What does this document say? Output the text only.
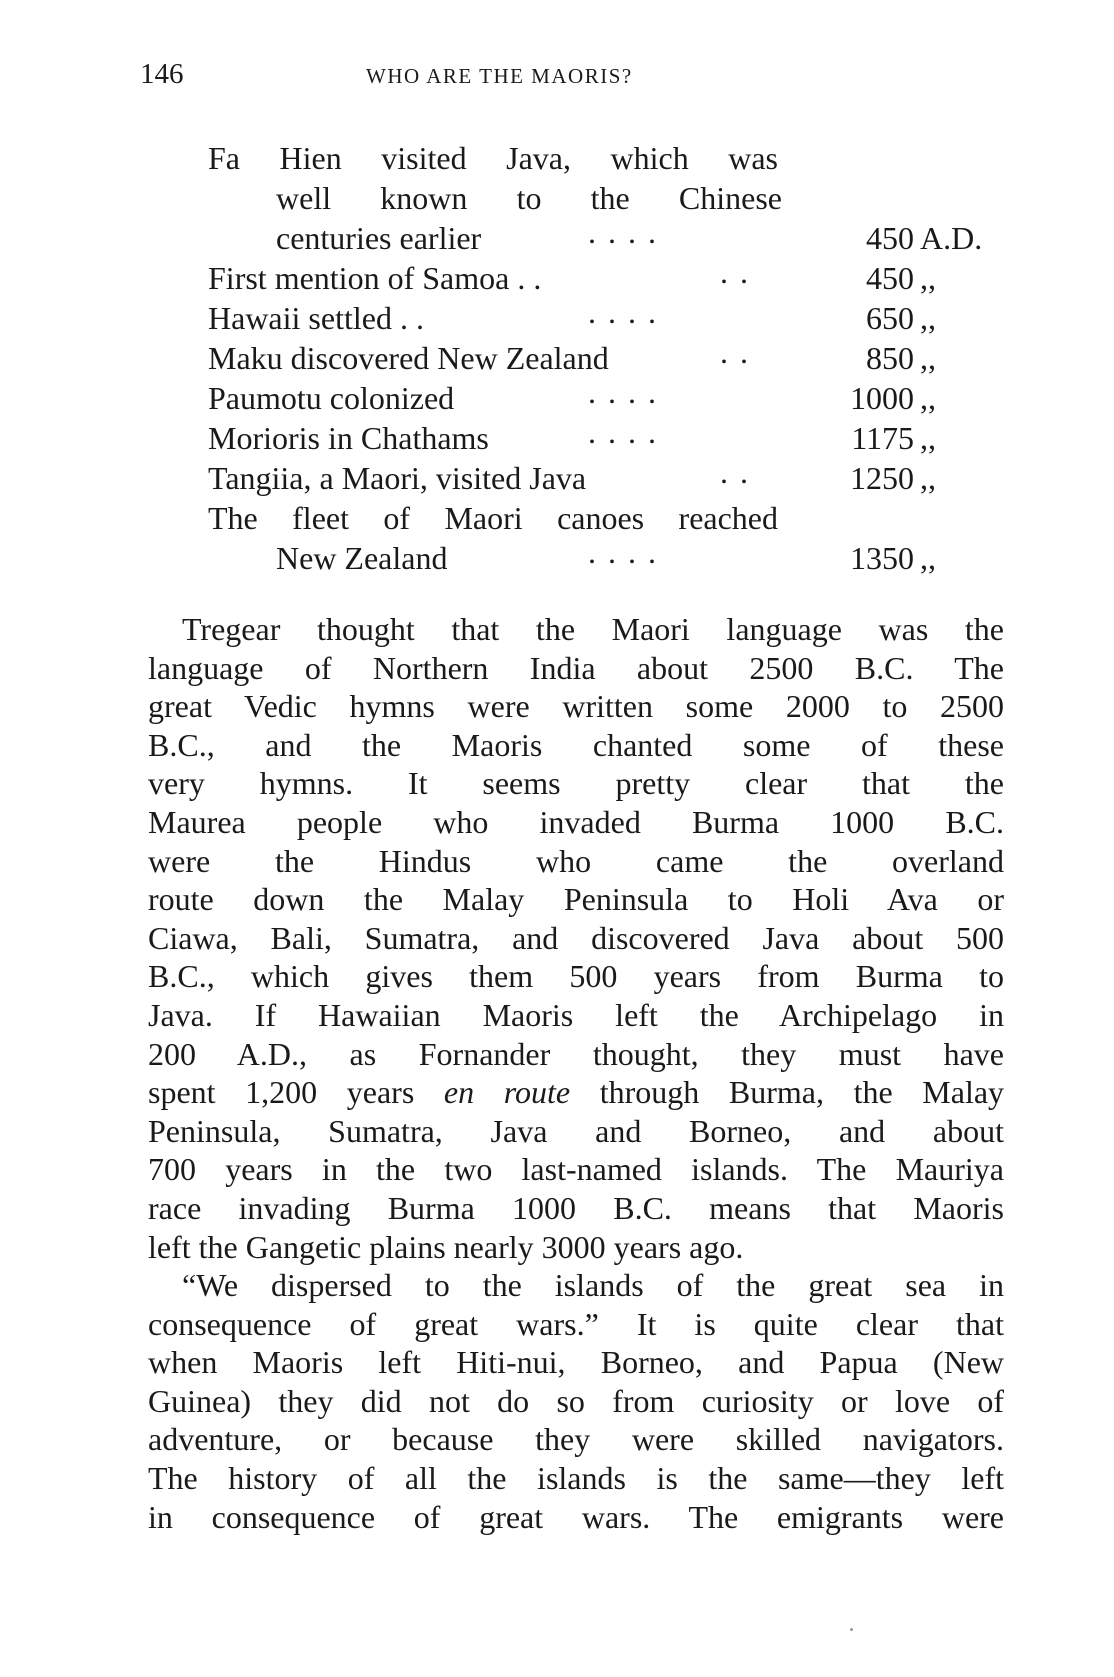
146	WHO ARE THE MAORIS?
Fa Hien visited Java, which was
well known to the Chinese
centuries earlier	. . . .	450 A.D.
First mention of Samoa . .	. .	450 ,,
Hawaii settled . .	. . . .	650 ,,
Maku discovered New Zealand	. .	850 ,,
Paumotu colonized	. . . .	1000 ,,
Morioris in Chathams	. . . .	1175 ,,
Tangiia, a Maori, visited Java	. .	1250 ,,
The fleet of Maori canoes reached
New Zealand	. . . .	1350 ,,
Tregear thought that the Maori language was the
language of Northern India about 2500 B.C. The
great Vedic hymns were written some 2000 to 2500
B.C., and the Maoris chanted some of these
very hymns. It seems pretty clear that the
Maurea people who invaded Burma 1000 B.C.
were the Hindus who came the overland
route down the Malay Peninsula to Holi Ava or
Ciawa, Bali, Sumatra, and discovered Java about 500
B.C., which gives them 500 years from Burma to
Java. If Hawaiian Maoris left the Archipelago in
200 A.D., as Fornander thought, they must have
spent 1,200 years en route through Burma, the Malay
Peninsula, Sumatra, Java and Borneo, and about
700 years in the two last-named islands. The Mauriya
race invading Burma 1000 B.C. means that Maoris
left the Gangetic plains nearly 3000 years ago.
“We dispersed to the islands of the great sea in
consequence of great wars.” It is quite clear that
when Maoris left Hiti-nui, Borneo, and Papua (New
Guinea) they did not do so from curiosity or love of
adventure, or because they were skilled navigators.
The history of all the islands is the same—they left
in consequence of great wars. The emigrants were
